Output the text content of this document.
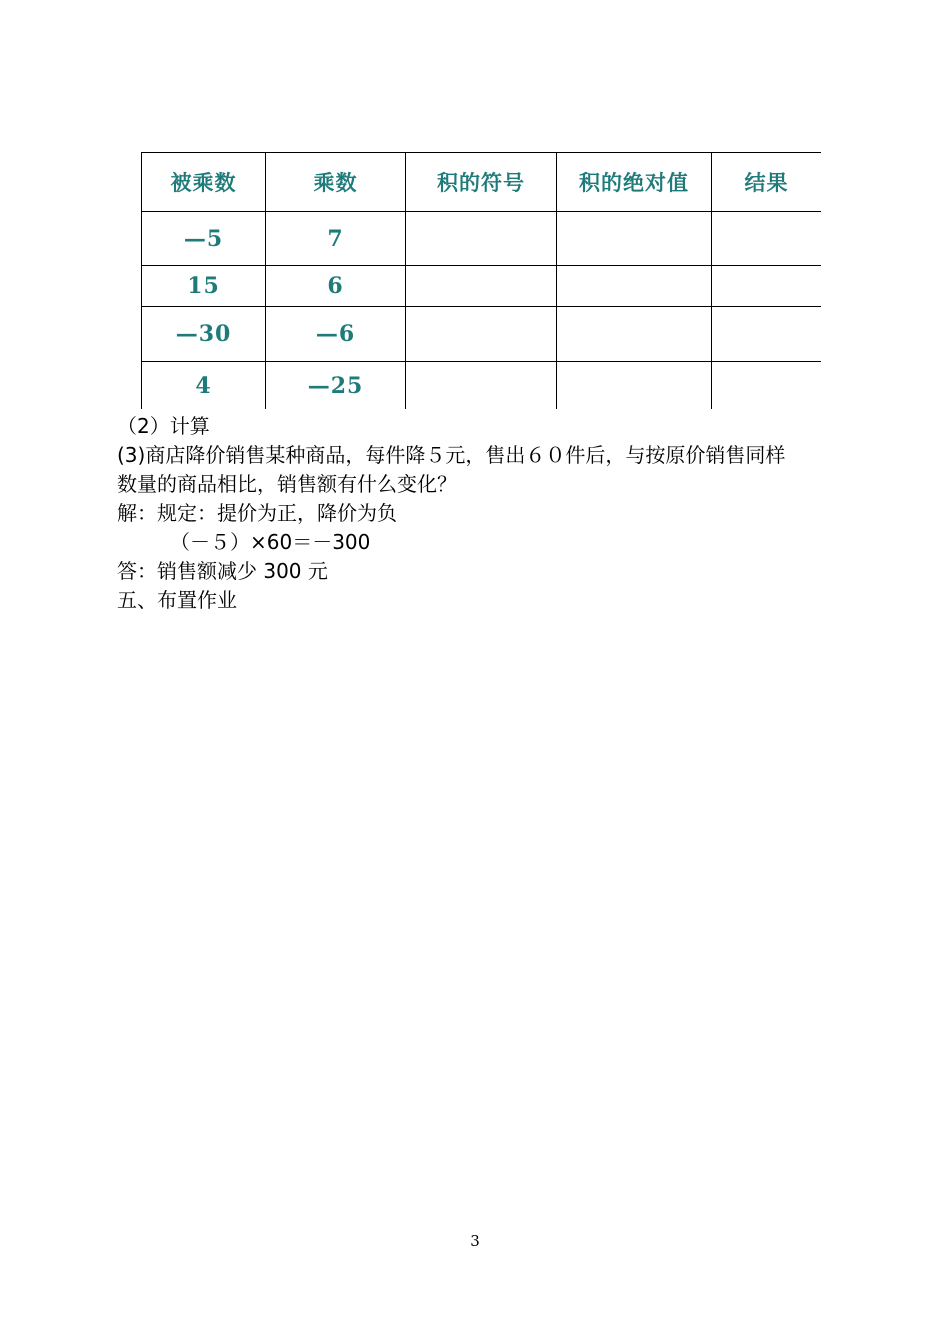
被乘数	乘数	积的符号	积的绝对值	结果
—5	7
15	6
—30	—6
4	—25
（2）计算
(3)商店降价销售某种商品，每件降５元，售出６０件后，与按原价销售同样
数量的商品相比，销售额有什么变化？
解：规定：提价为正，降价为负
（－５）×60＝－300
答：销售额减少 300 元
五、布置作业
3
